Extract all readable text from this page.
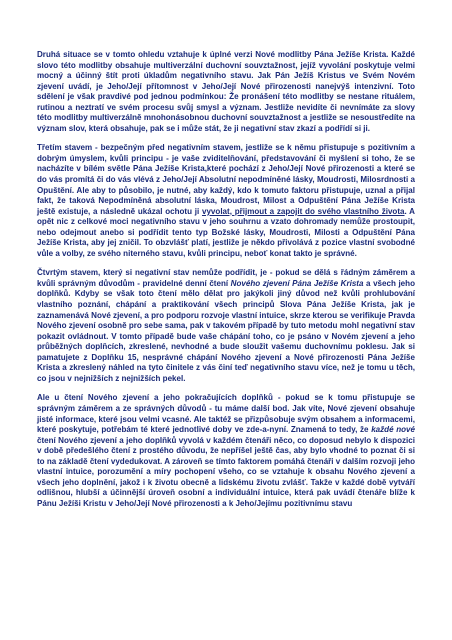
Druhá situace se v tomto ohledu vztahuje k úplné verzi Nové modlitby Pána Ježíše Krista. Každé slovo této modlitby obsahuje multiverzální duchovní souvztažnost, jejíž vyvolání poskytuje velmi mocný a účinný štít proti úkladům negativního stavu. Jak Pán Ježíš Kristus ve Svém Novém zjevení uvádí, je Jeho/Její přítomnost v Jeho/Její Nové přirozenosti nanejvýš intenzivní. Toto sdělení je však pravdivé pod jednou podmínkou: Že pronášení této modlitby se nestane rituálem, rutinou a neztratí ve svém procesu svůj smysl a význam. Jestliže nevidíte či nevnímáte za slovy této modlitby multiverzálně mnohonásobnou duchovní souvztažnost a jestliže se nesoustředíte na význam slov, která obsahuje, pak se i může stát, že ji negativní stav zkazí a podřídí si ji.

Třetím stavem - bezpečným před negativním stavem, jestliže se k němu přistupuje s pozitivním a dobrým úmyslem, kvůli principu - je vaše zviditelňování, představování či myšlení si toho, že se nacházíte v bílém světle Pána Ježíše Krista,které pochází z Jeho/Její Nové přirozenosti a které se do vás promítá či do vás vlévá z Jeho/Její Absolutní nepodmíněné lásky, Moudrosti, Milosrdnosti a Opuštění. Ale aby to působilo, je nutné, aby každý, kdo k tomuto faktoru přistupuje, uznal a přijal fakt, že taková Nepodmíněná absolutní láska, Moudrost, Milost a Odpuštění Pána Ježíše Krista ještě existuje, a následně ukázal ochotu ji vyvolat, přijmout a zapojit do svého vlastního života. A opět nic z celkové moci negativního stavu v jeho souhrnu a vzato dohromady nemůže prostoupit, nebo odejmout anebo si podřídit tento typ Božské lásky, Moudrosti, Milosti a Odpuštění Pána Ježíše Krista, aby jej zničil. To obzvlášť platí, jestliže je někdo přivolává z pozice vlastní svobodné vůle a volby, ze svého niterného stavu, kvůli principu, neboť konat takto je správné.

Čtvrtým stavem, který si negativní stav nemůže podřídit, je - pokud se dělá s řádným záměrem a kvůli správným důvodům - pravidelné denní čtení Nového zjevení Pána Ježíše Krista a všech jeho doplňků. Kdyby se však toto čtení mělo dělat pro jakýkoli jiný důvod než kvůli prohlubování vlastního poznání, chápání a praktikování všech principů Slova Pána Ježíše Krista, jak je zaznamenává Nové zjevení, a pro podporu rozvoje vlastní intuice, skrze kterou se verifikuje Pravda Nového zjevení osobně pro sebe sama, pak v takovém případě by tuto metodu mohl negativní stav pokazit ovládnout. V tomto případě bude vaše chápání toho, co je psáno v Novém zjevení a jeho průběžných doplňcích, zkreslené, nevhodné a bude sloužit vašemu duchovnímu poklesu. Jak si pamatujete z Doplňku 15, nesprávné chápání Nového zjevení a Nové přirozenosti Pána Ježíše Krista a zkreslený náhled na tyto činitele z vás činí teď negativního stavu více, než je tomu u těch, co jsou v nejnižších z nejnižších pekel.

Ale u čtení Nového zjevení a jeho pokračujících doplňků - pokud se k tomu přistupuje se správným záměrem a ze správných důvodů - tu máme další bod. Jak víte, Nové zjevení obsahuje jisté informace, které jsou velmi vcasné. Ale taktéž se přizpůsobuje svým obsahem a informacemi, které poskytuje, potřebám té které jednotlivé doby ve zde-a-nyní. Znamená to tedy, že každé nové čtení Nového zjevení a jeho doplňků vyvolá v každém čtenáři něco, co doposud nebylo k dispozici v době předešlého čtení z prostého důvodu, že nepříšel ještě čas, aby bylo vhodné to poznat či si to na základě čtení vydedukovat. A zároveň se tímto faktorem pomáhá čtenáři v dalším rozvoji jeho vlastní intuice, porozumění a míry pochopení všeho, co se vztahuje k obsahu Nového zjevení a všech jeho doplnění, jakož i k životu obecně a lidskému životu zvlášť. Takže v každé době vytváří odlišnou, hlubší a účinnější úroveň osobní a individuální intuice, která pak uvádí čtenáře blíže k Pánu Ježíši Kristu v Jeho/Její Nové přirozenosti a k Jeho/Jejímu pozitivnímu stavu
